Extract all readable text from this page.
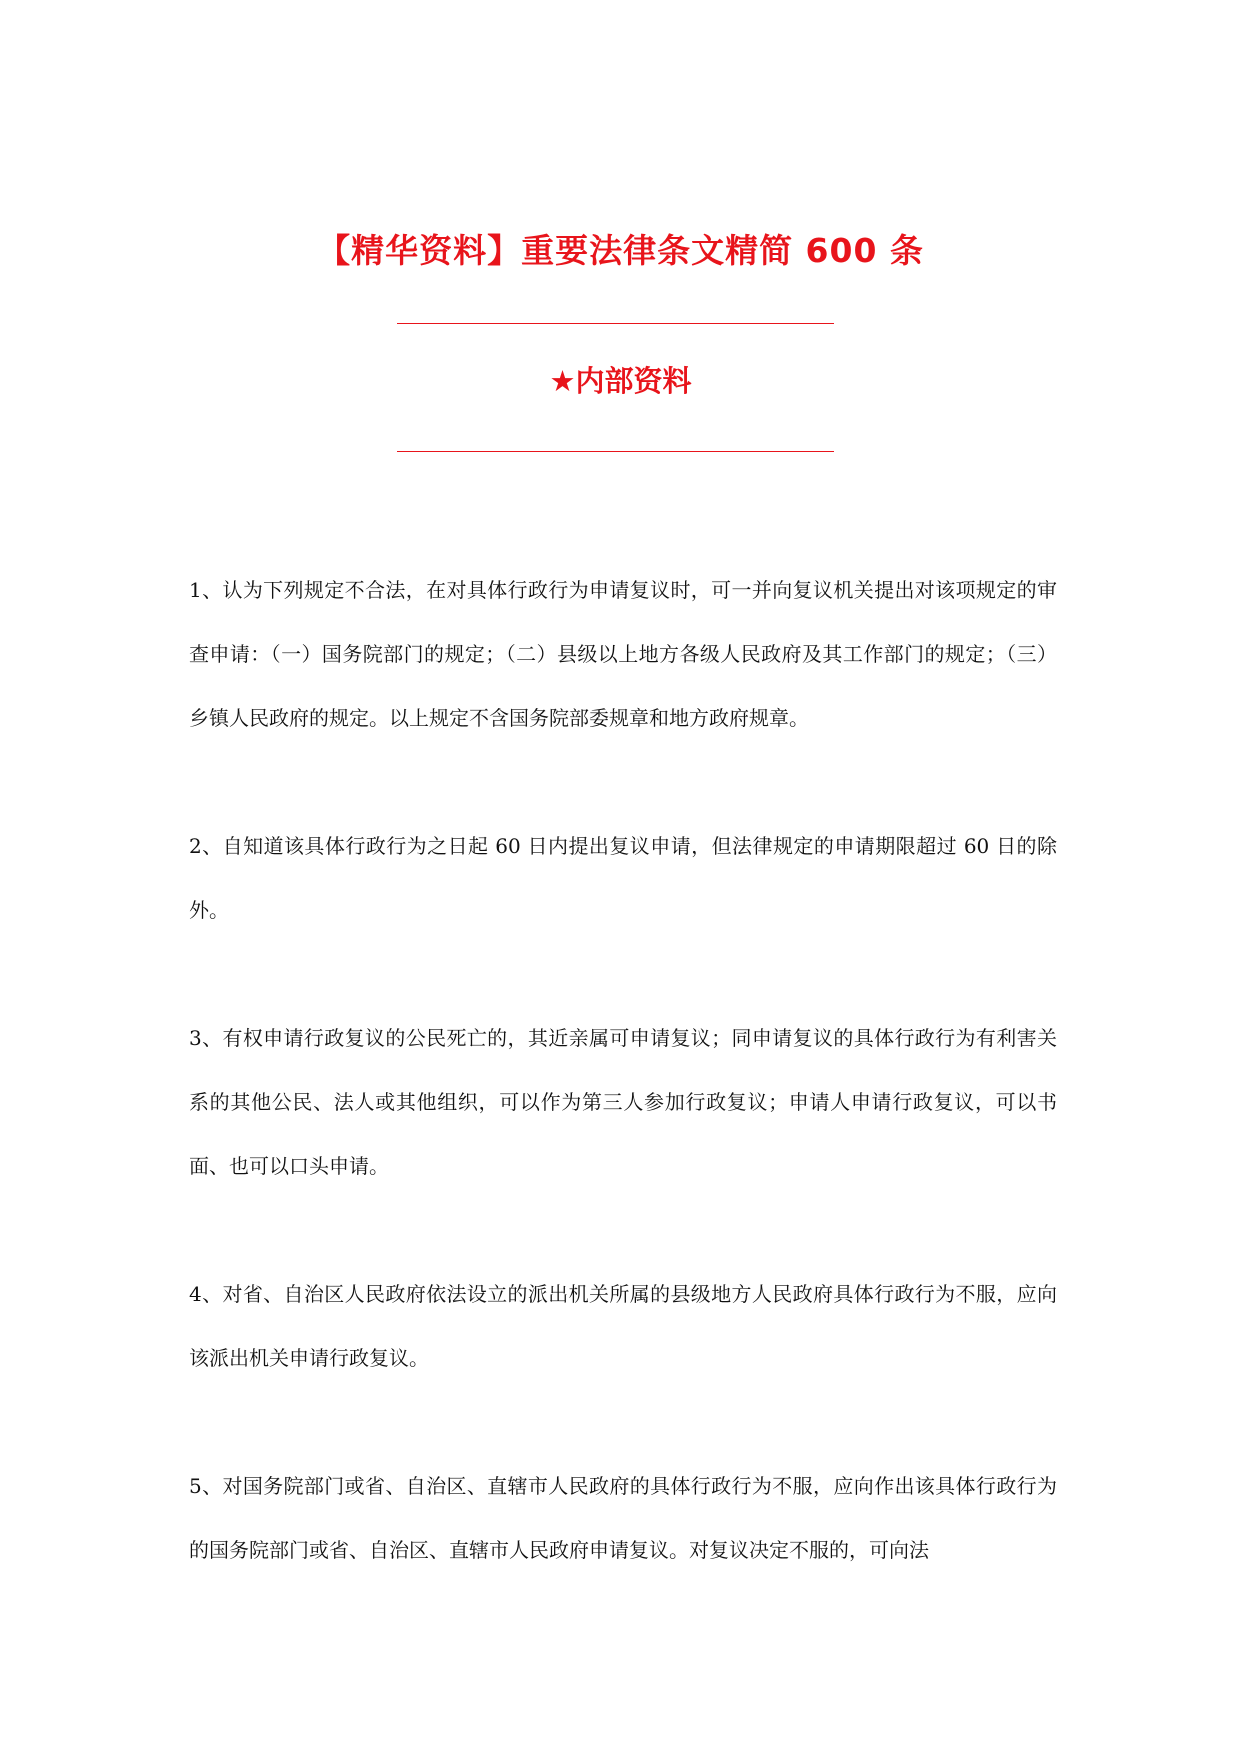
【精华资料】重要法律条文精简 600 条
★内部资料

1、认为下列规定不合法，在对具体行政行为申请复议时，可一并向复议机关提出对该项规定的审查申请：（一）国务院部门的规定；（二）县级以上地方各级人民政府及其工作部门的规定；（三）乡镇人民政府的规定。以上规定不含国务院部委规章和地方政府规章。

2、自知道该具体行政行为之日起 60 日内提出复议申请，但法律规定的申请期限超过 60 日的除外。

3、有权申请行政复议的公民死亡的，其近亲属可申请复议；同申请复议的具体行政行为有利害关系的其他公民、法人或其他组织，可以作为第三人参加行政复议；申请人申请行政复议，可以书面、也可以口头申请。

4、对省、自治区人民政府依法设立的派出机关所属的县级地方人民政府具体行政行为不服，应向该派出机关申请行政复议。

5、对国务院部门或省、自治区、直辖市人民政府的具体行政行为不服，应向作出该具体行政行为的国务院部门或省、自治区、直辖市人民政府申请复议。对复议决定不服的，可向法
